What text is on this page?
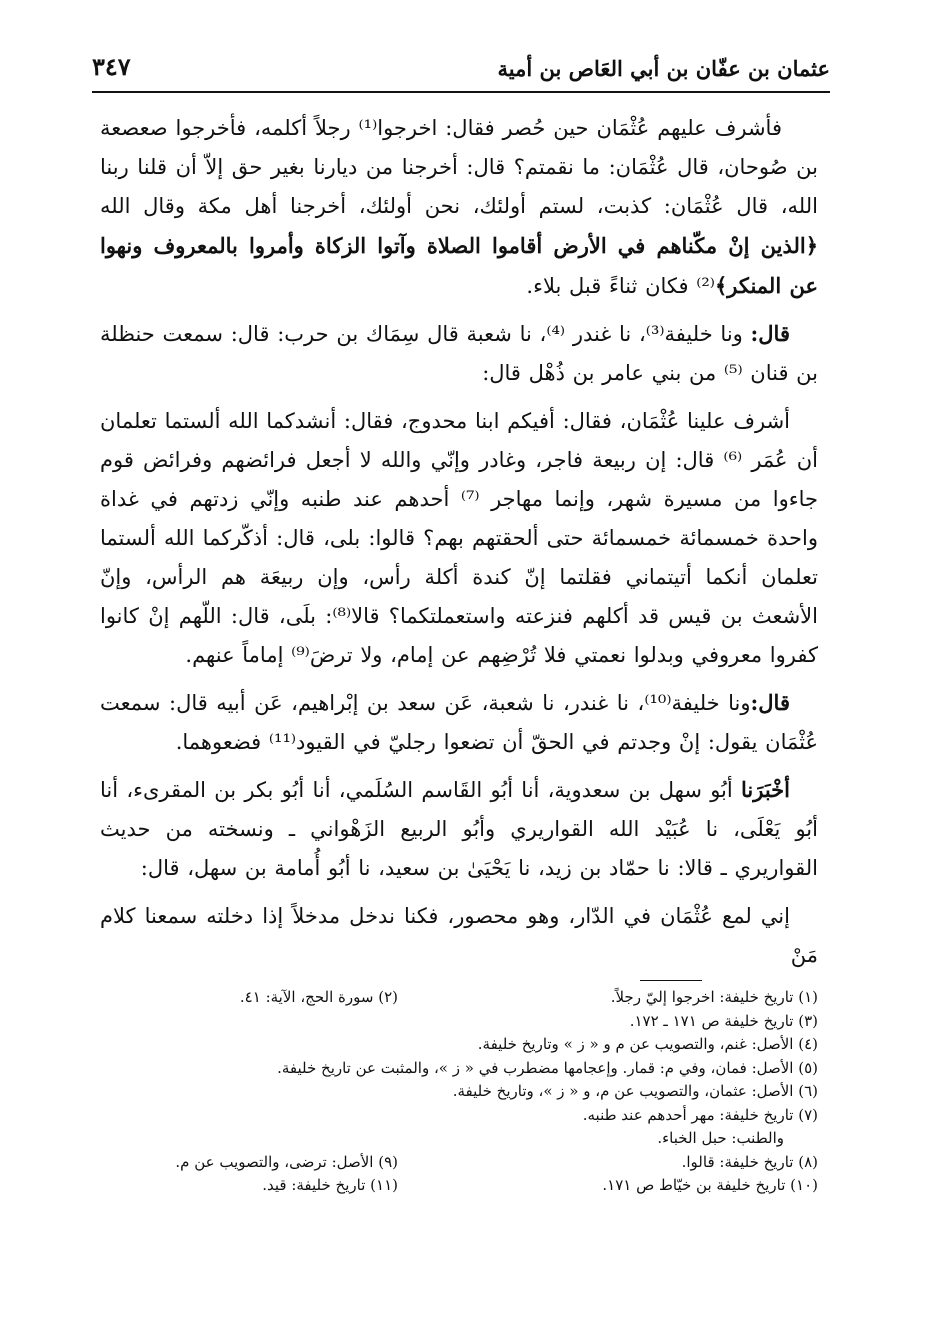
عثمان بن عفّان بن أبي العَاص بن أمية
٣٤٧

فأشرف عليهم عُثْمَان حين حُصر فقال: اخرجوا⁽¹⁾ رجلاً أكلمه، فأخرجوا صعصعة بن صُوحان، قال عُثْمَان: ما نقمتم؟ قال: أخرجنا من ديارنا بغير حق إلاّ أن قلنا ربنا الله، قال عُثْمَان: كذبت، لستم أولئك، نحن أولئك، أخرجنا أهل مكة وقال الله ﴿الذين إنْ مكّناهم في الأرض أقاموا الصلاة وآتوا الزكاة وأمروا بالمعروف ونهوا عن المنكر﴾⁽²⁾ فكان ثناءً قبل بلاء.

قال: ونا خليفة⁽³⁾، نا غندر ⁽⁴⁾، نا شعبة قال سِمَاك بن حرب: قال: سمعت حنظلة بن قنان ⁽⁵⁾ من بني عامر بن ذُهْل قال:

أشرف علينا عُثْمَان، فقال: أفيكم ابنا محدوج، فقال: أنشدكما الله ألستما تعلمان أن عُمَر ⁽⁶⁾ قال: إن ربيعة فاجر، وغادر وإنّي والله لا أجعل فرائضهم وفرائض قوم جاءوا من مسيرة شهر، وإنما مهاجر ⁽⁷⁾ أحدهم عند طنبه وإنّي زدتهم في غداة واحدة خمسمائة خمسمائة حتى ألحقتهم بهم؟ قالوا: بلى، قال: أذكّركما الله ألستما تعلمان أنكما أتيتماني فقلتما إنّ كندة أكلة رأس، وإن ربيعَة هم الرأس، وإنّ الأشعث بن قيس قد أكلهم فنزعته واستعملتكما؟ قالا⁽⁸⁾: بلَى، قال: اللّهم إنْ كانوا كفروا معروفي وبدلوا نعمتي فلا تُرْضِهم عن إمام، ولا ترضَ⁽⁹⁾ إماماً عنهم.

قال:ونا خليفة⁽¹⁰⁾، نا غندر، نا شعبة، عَن سعد بن إبْراهيم، عَن أبيه قال: سمعت عُثْمَان يقول: إنْ وجدتم في الحقّ أن تضعوا رجليّ في القيود⁽¹¹⁾ فضعوهما.

أخْبَرَنا أبُو سهل بن سعدوية، أنا أبُو القَاسم السُلَمي، أنا أبُو بكر بن المقرىء، أنا أبُو يَعْلَى، نا عُبَيْد الله القواريري وأبُو الربيع الزَهْواني ـ ونسخته من حديث القواريري ـ قالا: نا حمّاد بن زيد، نا يَحْيَىٰ بن سعيد، نا أبُو أُمامة بن سهل، قال:

إني لمع عُثْمَان في الدّار، وهو محصور، فكنا ندخل مدخلاً إذا دخلته سمعنا كلام مَنْ

(١) تاريخ خليفة: اخرجوا إليّ رجلاً.
(٢) سورة الحج، الآية: ٤١.
(٣) تاريخ خليفة ص ١٧١ ـ ١٧٢.
(٤) الأصل: غنم، والتصويب عن م و « ز » وتاريخ خليفة.
(٥) الأصل: فمان، وفي م: قمار. وإعجامها مضطرب في « ز »، والمثبت عن تاريخ خليفة.
(٦) الأصل: عثمان، والتصويب عن م، و « ز »، وتاريخ خليفة.
(٧) تاريخ خليفة: مهر أحدهم عند طنبه.
والطنب: حبل الخباء.
(٨) تاريخ خليفة: قالوا.
(٩) الأصل: ترضى، والتصويب عن م.
(١٠) تاريخ خليفة بن خيّاط ص ١٧١.
(١١) تاريخ خليفة: قيد.
